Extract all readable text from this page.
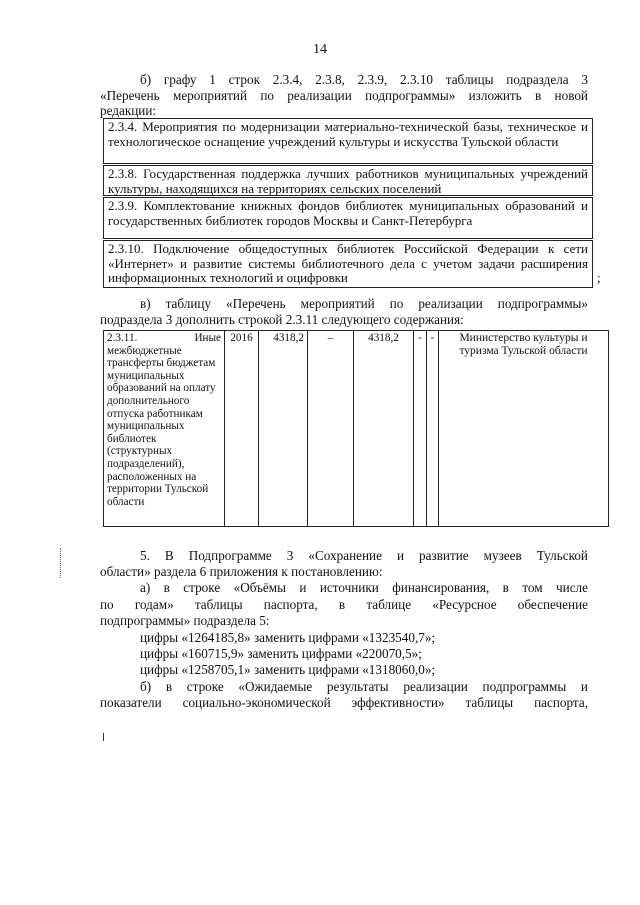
14
б) графу 1 строк 2.3.4, 2.3.8, 2.3.9, 2.3.10 таблицы подраздела 3
«Перечень мероприятий по реализации подпрограммы» изложить в новой
редакции:
2.3.4. Мероприятия по модернизации материально-технической базы, техническое и технологическое оснащение учреждений культуры и искусства Тульской области
2.3.8. Государственная поддержка лучших работников муниципальных учреждений культуры, находящихся на территориях сельских поселений
2.3.9. Комплектование книжных фондов библиотек муниципальных образований и государственных библиотек городов Москвы и Санкт-Петербурга
2.3.10. Подключение общедоступных библиотек Российской Федерации к сети «Интернет» и развитие системы библиотечного дела с учетом задачи расширения информационных технологий и оцифровки	;
в) таблицу «Перечень мероприятий по реализации подпрограммы»
подраздела 3 дополнить строкой 2.3.11 следующего содержания:
2.3.11.	Иные
межбюджетные трансферты бюджетам муниципальных образований на оплату дополнительного отпуска работникам муниципальных библиотек (структурных подразделений), расположенных на территории Тульской области
	2016	4318,2	–	4318,2	-	-	Министерство культуры и туризма Тульской области
5. В Подпрограмме 3 «Сохранение и развитие музеев Тульской
области» раздела 6 приложения к постановлению:
а) в строке «Объёмы и источники финансирования, в том числе
по годам» таблицы паспорта, в таблице «Ресурсное обеспечение
подпрограммы» подраздела 5:
цифры «1264185,8» заменить цифрами «1323540,7»;
цифры «160715,9» заменить цифрами «220070,5»;
цифры «1258705,1» заменить цифрами «1318060,0»;
б) в строке «Ожидаемые результаты реализации подпрограммы и
показатели социально-экономической эффективности» таблицы паспорта,
